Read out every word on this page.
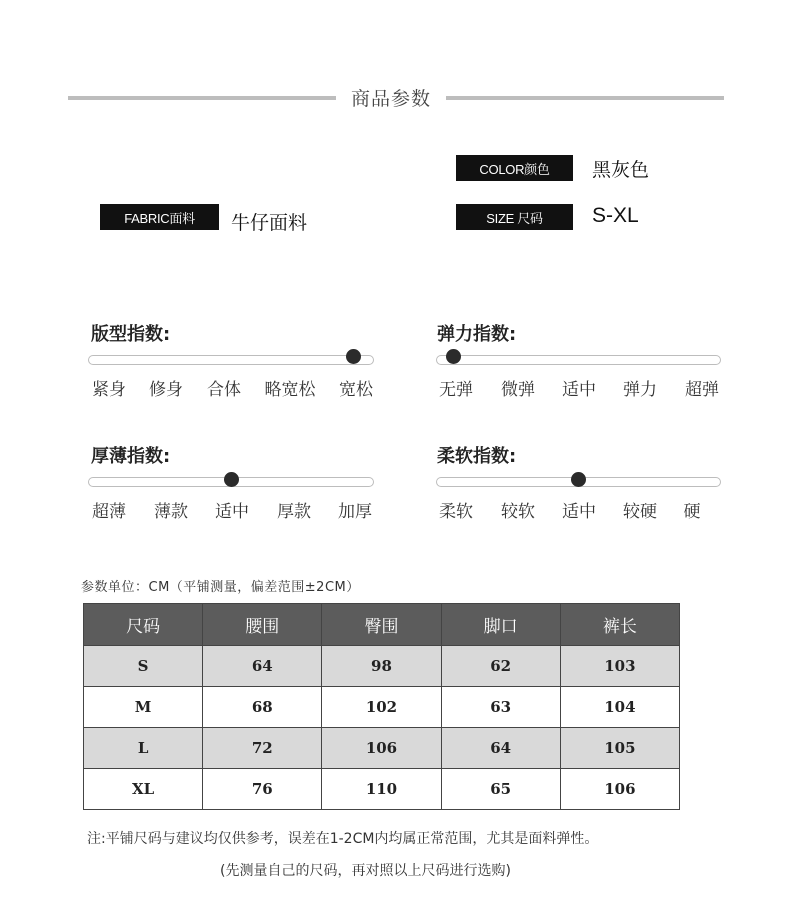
商品参数
COLOR颜色	黑灰色
FABRIC面料	牛仔面料	SIZE 尺码	S-XL
版型指数:
紧身 修身 合体 略宽松 宽松
弹力指数:
无弹 微弹 适中 弹力 超弹
厚薄指数:
超薄 薄款 适中 厚款 加厚
柔软指数:
柔软 较软 适中 较硬 硬
参数单位：CM（平铺测量，偏差范围±2CM）
尺码	腰围	臀围	脚口	裤长
S	64	98	62	103
M	68	102	63	104
L	72	106	64	105
XL	76	110	65	106
注:平铺尺码与建议均仅供参考，误差在1-2CM内均属正常范围，尤其是面料弹性。
(先测量自己的尺码，再对照以上尺码进行选购)
